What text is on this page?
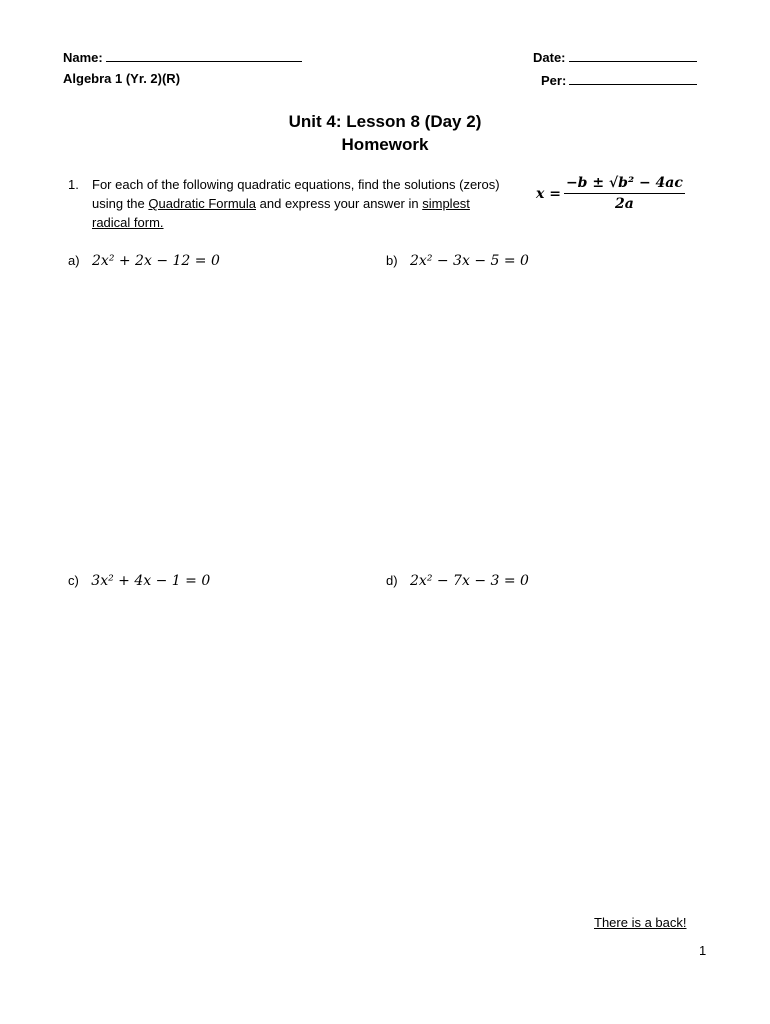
Name:
Algebra 1 (Yr. 2)(R)
Date:
Per:
Unit 4: Lesson 8 (Day 2)
Homework
1. For each of the following quadratic equations, find the solutions (zeros) using the Quadratic Formula and express your answer in simplest radical form.
$x = \frac{\text{−b ± √b² − 4ac}}{2a}$
a) 2x² + 2x − 12 = 0	b) 2x² − 3x − 5 = 0
c) 3x² + 4x − 1 = 0	d) 2x² − 7x − 3 = 0
There is a back!
1
